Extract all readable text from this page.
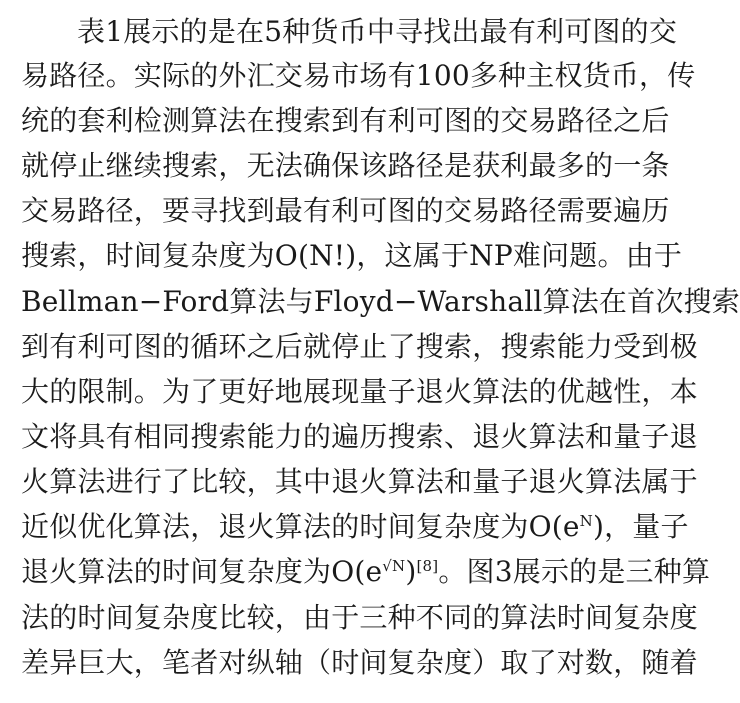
表1展示的是在5种货币中寻找出最有利可图的交
易路径。实际的外汇交易市场有100多种主权货币，传
统的套利检测算法在搜索到有利可图的交易路径之后
就停止继续搜索，无法确保该路径是获利最多的一条
交易路径，要寻找到最有利可图的交易路径需要遍历
搜索，时间复杂度为O(N!)，这属于NP难问题。由于
Bellman−Ford算法与Floyd−Warshall算法在首次搜索
到有利可图的循环之后就停止了搜索，搜索能力受到极
大的限制。为了更好地展现量子退火算法的优越性，本
文将具有相同搜索能力的遍历搜索、退火算法和量子退
火算法进行了比较，其中退火算法和量子退火算法属于
近似优化算法，退火算法的时间复杂度为$O(e^N)$，量子
退火算法的时间复杂度为$O(e^{√N})[8]$。图3展示的是三种算
法的时间复杂度比较，由于三种不同的算法时间复杂度
差异巨大，笔者对纵轴（时间复杂度）取了对数，随着
